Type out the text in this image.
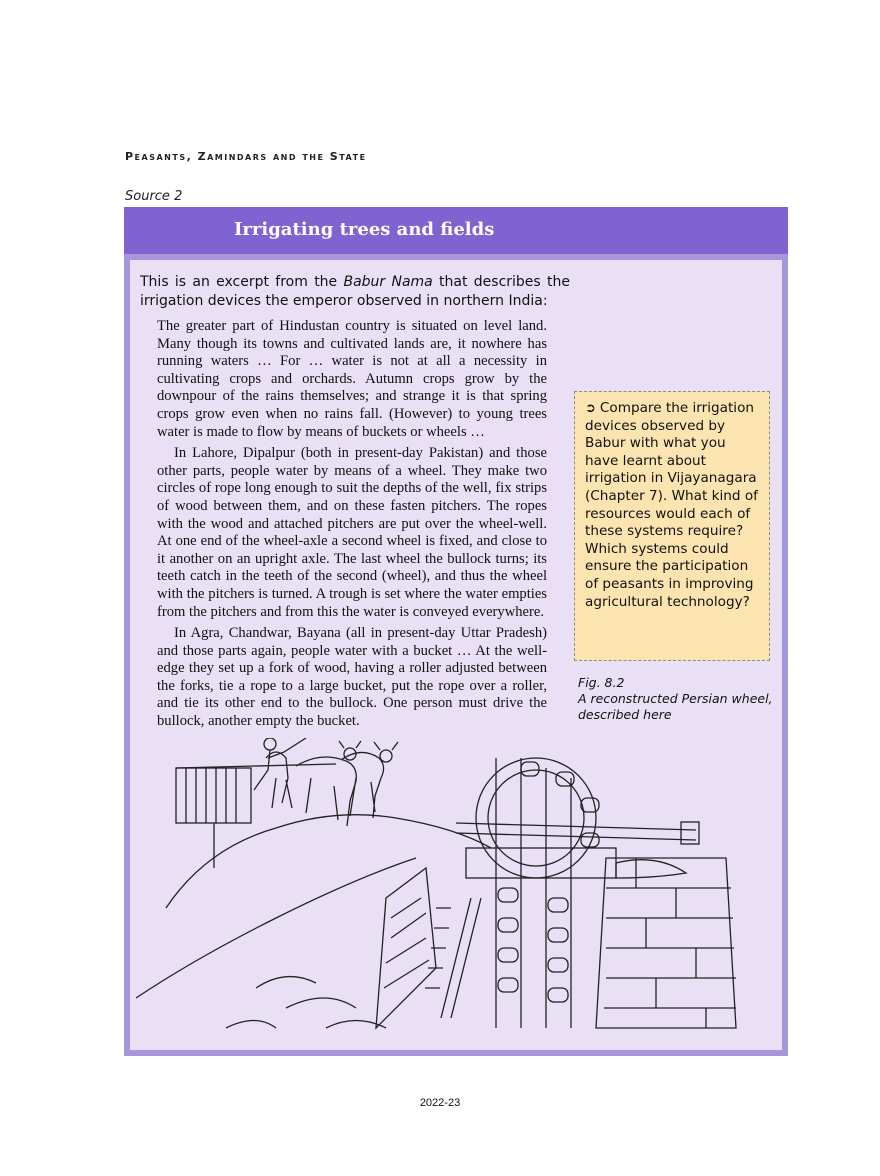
Peasants, Zamindars and the State
Source 2
Irrigating trees and fields
This is an excerpt from the Babur Nama that describes the irrigation devices the emperor observed in northern India:

The greater part of Hindustan country is situated on level land. Many though its towns and cultivated lands are, it nowhere has running waters … For … water is not at all a necessity in cultivating crops and orchards. Autumn crops grow by the downpour of the rains themselves; and strange it is that spring crops grow even when no rains fall. (However) to young trees water is made to flow by means of buckets or wheels …

In Lahore, Dipalpur (both in present-day Pakistan) and those other parts, people water by means of a wheel. They make two circles of rope long enough to suit the depths of the well, fix strips of wood between them, and on these fasten pitchers. The ropes with the wood and attached pitchers are put over the wheel-well. At one end of the wheel-axle a second wheel is fixed, and close to it another on an upright axle. The last wheel the bullock turns; its teeth catch in the teeth of the second (wheel), and thus the wheel with the pitchers is turned. A trough is set where the water empties from the pitchers and from this the water is conveyed everywhere.

In Agra, Chandwar, Bayana (all in present-day Uttar Pradesh) and those parts again, people water with a bucket … At the well-edge they set up a fork of wood, having a roller adjusted between the forks, tie a rope to a large bucket, put the rope over a roller, and tie its other end to the bullock. One person must drive the bullock, another empty the bucket.

➲ Compare the irrigation devices observed by Babur with what you have learnt about irrigation in Vijayanagara (Chapter 7). What kind of resources would each of these systems require? Which systems could ensure the participation of peasants in improving agricultural technology?
Fig. 8.2
A reconstructed Persian wheel, described here
2022-23
